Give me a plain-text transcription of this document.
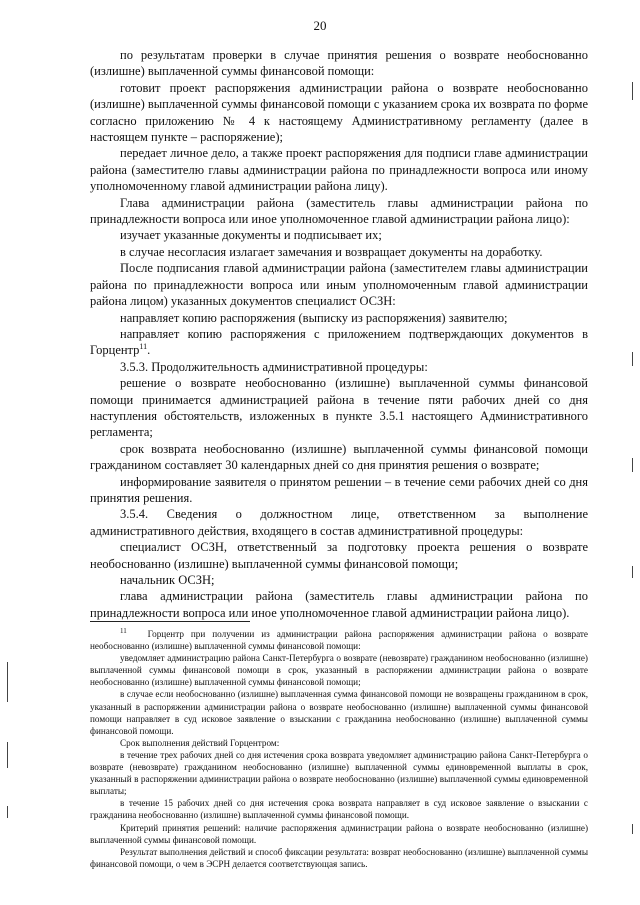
20

по результатам проверки в случае принятия решения о возврате необоснованно (излишне) выплаченной суммы финансовой помощи:

готовит проект распоряжения администрации района о возврате необоснованно (излишне) выплаченной суммы финансовой помощи с указанием срока их возврата по форме согласно приложению № 4 к настоящему Административному регламенту (далее в настоящем пункте – распоряжение);

передает личное дело, а также проект распоряжения для подписи главе администрации района (заместителю главы администрации района по принадлежности вопроса или иному уполномоченному главой администрации района лицу).

Глава администрации района (заместитель главы администрации района по принадлежности вопроса или иное уполномоченное главой администрации района лицо):

изучает указанные документы и подписывает их;

в случае несогласия излагает замечания и возвращает документы на доработку.

После подписания главой администрации района (заместителем главы администрации района по принадлежности вопроса или иным уполномоченным главой администрации района лицом) указанных документов специалист ОСЗН:

направляет копию распоряжения (выписку из распоряжения) заявителю;

направляет копию распоряжения с приложением подтверждающих документов в Горцентр$^{11}$.

3.5.3. Продолжительность административной процедуры:

решение о возврате необоснованно (излишне) выплаченной суммы финансовой помощи принимается администрацией района в течение пяти рабочих дней со дня наступления обстоятельств, изложенных в пункте 3.5.1 настоящего Административного регламента;

срок возврата необоснованно (излишне) выплаченной суммы финансовой помощи гражданином составляет 30 календарных дней со дня принятия решения о возврате;

информирование заявителя о принятом решении – в течение семи рабочих дней со дня принятия решения.

3.5.4. Сведения о должностном лице, ответственном за выполнение административного действия, входящего в состав административной процедуры:

специалист ОСЗН, ответственный за подготовку проекта решения о возврате необоснованно (излишне) выплаченной суммы финансовой помощи;

начальник ОСЗН;

глава администрации района (заместитель главы администрации района по принадлежности вопроса или иное уполномоченное главой администрации района лицо).

$^{11}$ Горцентр при получении из администрации района распоряжения администрации района о возврате необоснованно (излишне) выплаченной суммы финансовой помощи:

уведомляет администрацию района Санкт-Петербурга о возврате (невозврате) гражданином необоснованно (излишне) выплаченной суммы финансовой помощи в срок, указанный в распоряжении администрации района о возврате необоснованно (излишне) выплаченной суммы финансовой помощи;

в случае если необоснованно (излишне) выплаченная сумма финансовой помощи не возвращены гражданином в срок, указанный в распоряжении администрации района о возврате необоснованно (излишне) выплаченной суммы финансовой помощи направляет в суд исковое заявление о взыскании с гражданина необоснованно (излишне) выплаченной суммы финансовой помощи.

Срок выполнения действий Горцентром:

в течение трех рабочих дней со дня истечения срока возврата уведомляет администрацию района Санкт-Петербурга о возврате (невозврате) гражданином необоснованно (излишне) выплаченной суммы единовременной выплаты в срок, указанный в распоряжении администрации района о возврате необоснованно (излишне) выплаченной суммы единовременной выплаты;

в течение 15 рабочих дней со дня истечения срока возврата направляет в суд исковое заявление о взыскании с гражданина необоснованно (излишне) выплаченной суммы финансовой помощи.

Критерий принятия решений: наличие распоряжения администрации района о возврате необоснованно (излишне) выплаченной суммы финансовой помощи.

Результат выполнения действий и способ фиксации результата: возврат необоснованно (излишне) выплаченной суммы финансовой помощи, о чем в ЭСРН делается соответствующая запись.
